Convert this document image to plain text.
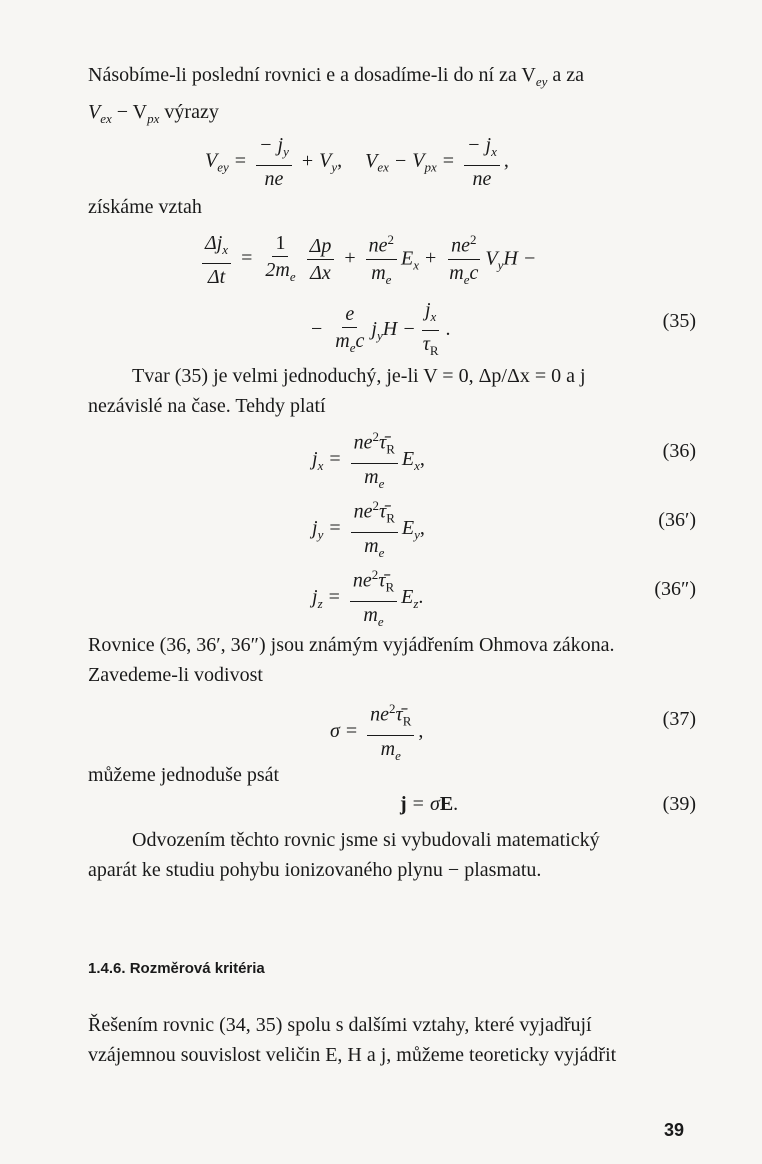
Násobíme-li poslední rovnici e a dosadíme-li do ní za $V_{ey}$ a za
$V_{ex} - V_{px}$ výrazy
$V_{ey} = \frac{- j_y}{ne} + V_y$, $V_{ex} - V_{px} = \frac{- j_x}{ne}$ ,
získáme vztah
$\frac{\Delta j_x}{\Delta t} = \frac{1}{2m_e} \frac{\Delta p}{\Delta x} + \frac{ne^2}{m_e} E_x + \frac{ne^2}{m_ec} V_yH$ −
− $\frac{e}{m_ec} j_yH - \frac{j_x}{\tau_R}$ .	(35)
Tvar (35) je velmi jednoduchý, je-li V = 0, Δp/Δx = 0 a j
nezávislé na čase. Tehdy platí
$j_x = \frac{ne^2\taū_R}{m_e} E_x$,	(36)
$j_y = \frac{ne^2\taū_R}{m_e} E_y$,	(36′)
$j_z = \frac{ne^2\taū_R}{m_e} E_z$.	(36″)
Rovnice (36, 36′, 36″) jsou známým vyjádřením Ohmova zákona.
Zavedeme-li vodivost
$\sigma = \frac{ne^2\taū_R}{m_e}$ ,
(37)
můžeme jednoduše psát
j = σE.	(39)
Odvozením těchto rovnic jsme si vybudovali matematický
aparát ke studiu pohybu ionizovaného plynu − plasmatu.
1.4.6. Rozměrová kritéria
Řešením rovnic (34, 35) spolu s dalšími vztahy, které vyjadřují
vzájemnou souvislost veličin E, H a j, můžeme teoreticky vyjádřit
39
